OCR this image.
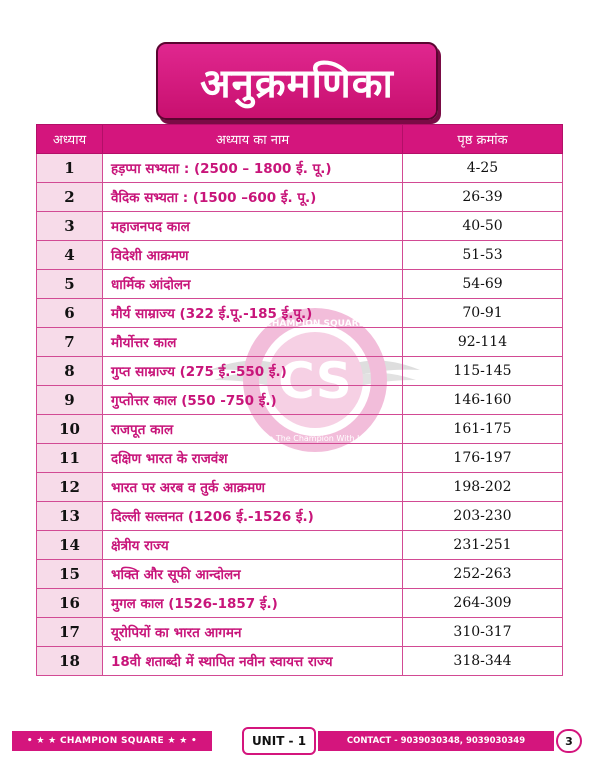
अनुक्रमणिका
CS
CHAMPION SQUARE
Be The Champion With Us
अध्याय	अध्याय का नाम	पृष्ठ क्रमांक
1	हड़प्पा सभ्यता : (2500 – 1800 ई. पू.)	4-25
2	वैदिक सभ्यता : (1500 –600 ई. पू.)	26-39
3	महाजनपद काल	40-50
4	विदेशी आक्रमण	51-53
5	धार्मिक आंदोलन	54-69
6	मौर्य साम्राज्य (322 ई.पू.-185 ई.पू.)	70-91
7	मौर्योत्तर काल	92-114
8	गुप्त साम्राज्य (275 ई.-550 ई.)	115-145
9	गुप्तोत्तर काल (550 -750 ई.)	146-160
10	राजपूत काल	161-175
11	दक्षिण भारत के राजवंश	176-197
12	भारत पर अरब व तुर्क आक्रमण	198-202
13	दिल्ली सल्तनत (1206 ई.-1526 ई.)	203-230
14	क्षेत्रीय राज्य	231-251
15	भक्ति और सूफी आन्दोलन	252-263
16	मुगल काल (1526-1857 ई.)	264-309
17	यूरोपियों का भारत आगमन	310-317
18	18वी शताब्दी में स्थापित नवीन स्वायत्त राज्य	318-344
• ★ ★ CHAMPION SQUARE ★ ★ •	UNIT - 1	CONTACT - 9039030348, 9039030349	3
